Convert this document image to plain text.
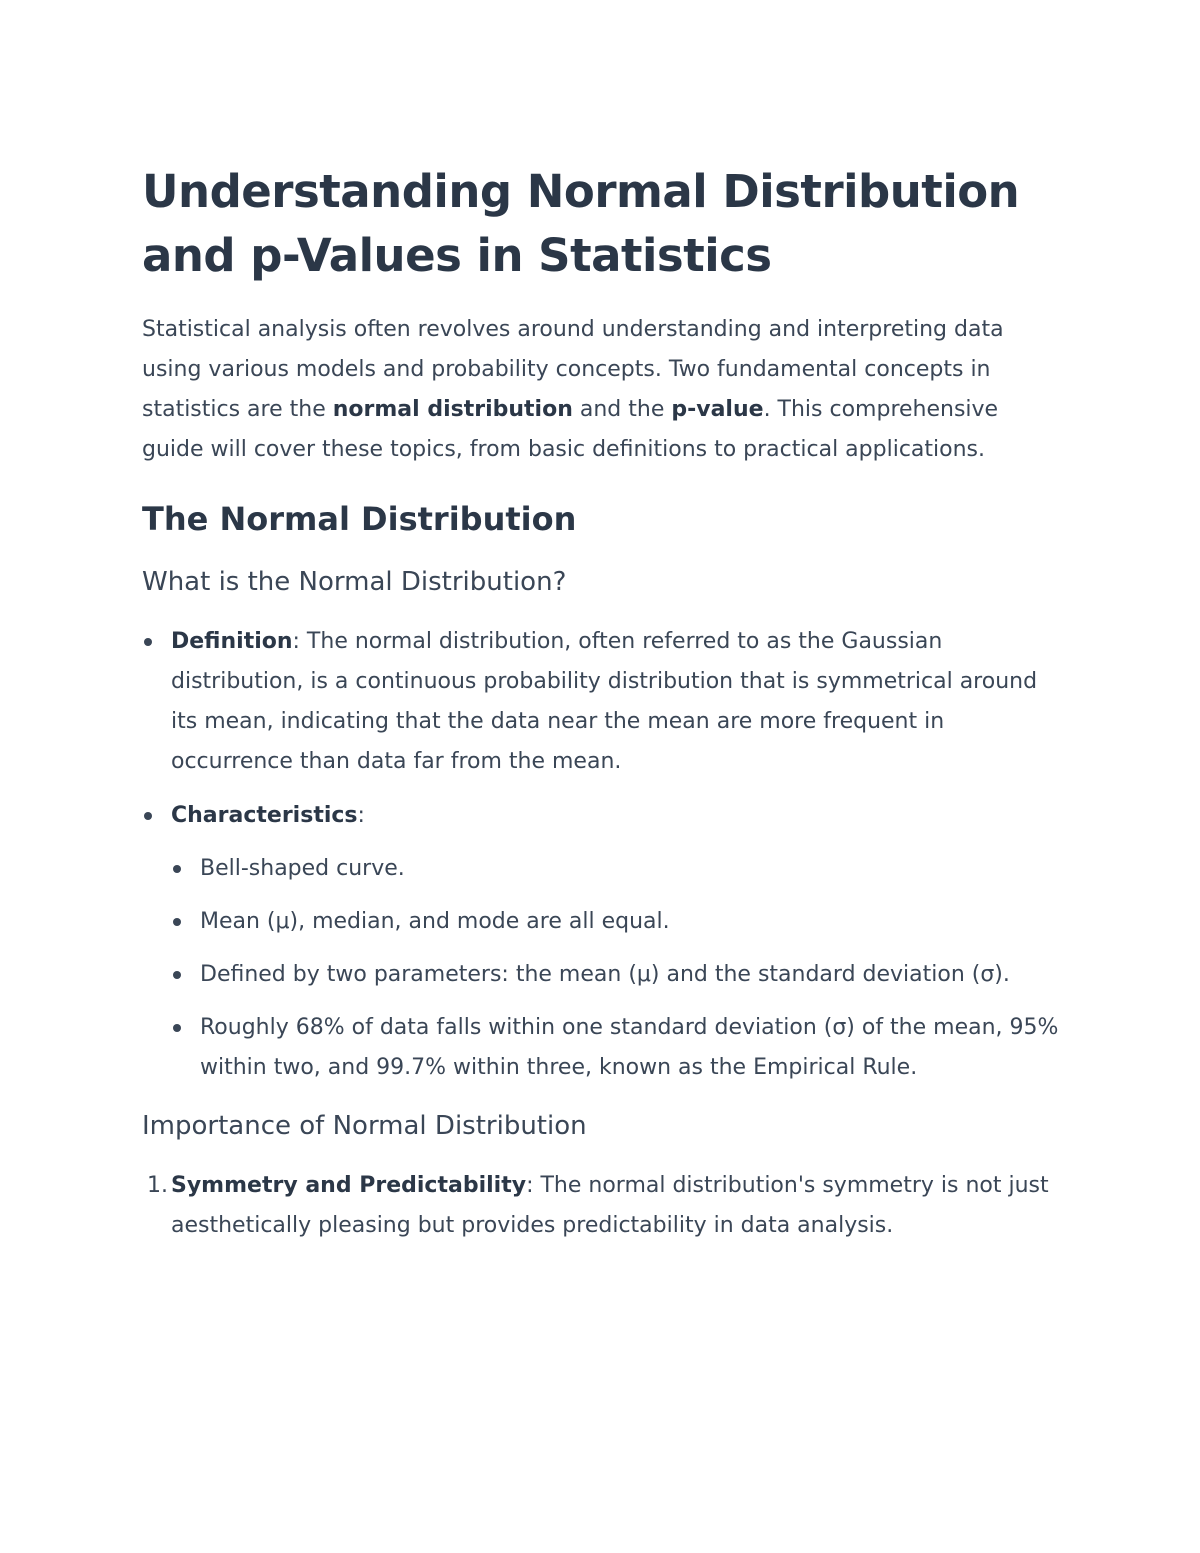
Understanding Normal Distribution and p-Values in Statistics

Statistical analysis often revolves around understanding and interpreting data using various models and probability concepts. Two fundamental concepts in statistics are the normal distribution and the p-value. This comprehensive guide will cover these topics, from basic definitions to practical applications.

The Normal Distribution
What is the Normal Distribution?
Definition: The normal distribution, often referred to as the Gaussian distribution, is a continuous probability distribution that is symmetrical around its mean, indicating that the data near the mean are more frequent in occurrence than data far from the mean.
Characteristics:
Bell-shaped curve.
Mean (μ), median, and mode are all equal.
Defined by two parameters: the mean (μ) and the standard deviation (σ).
Roughly 68% of data falls within one standard deviation (σ) of the mean, 95% within two, and 99.7% within three, known as the Empirical Rule.
Importance of Normal Distribution
1. Symmetry and Predictability: The normal distribution's symmetry is not just aesthetically pleasing but provides predictability in data analysis.
